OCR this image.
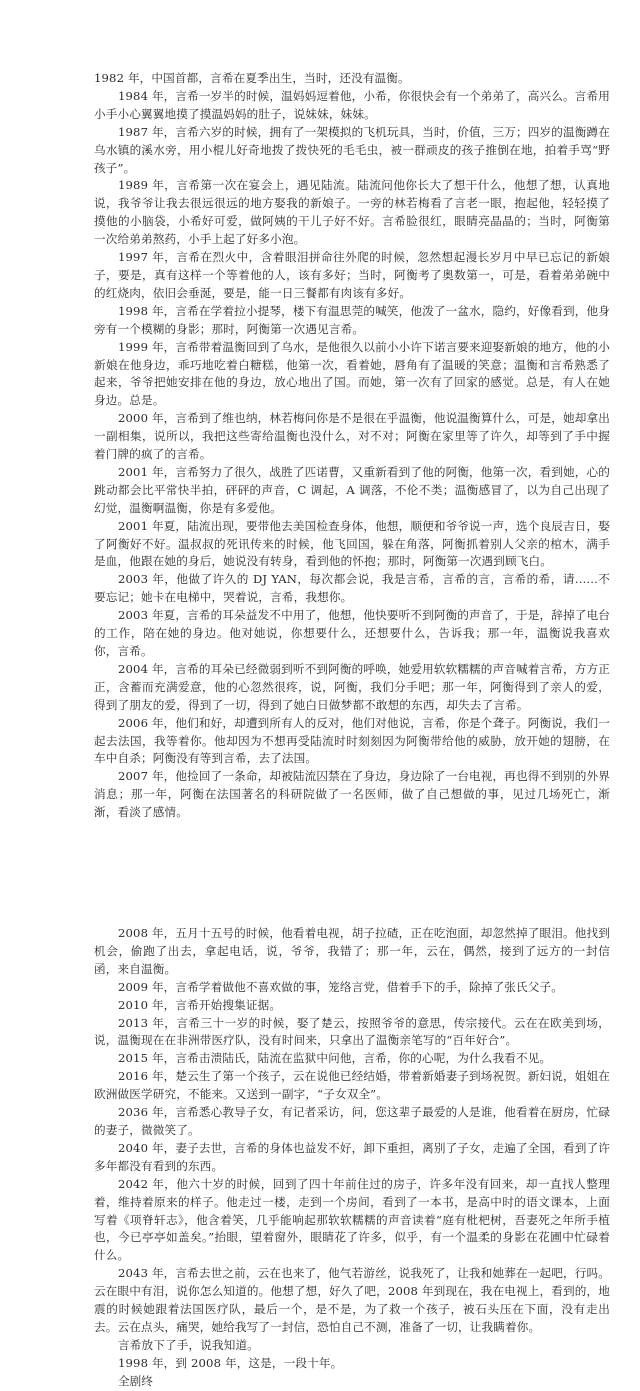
1982 年，中国首都，言希在夏季出生，当时，还没有温衡。

1984 年，言希一岁半的时候，温妈妈逗着他，小希，你很快会有一个弟弟了，高兴么。言希用小手小心翼翼地摸了摸温妈妈的肚子，说妹妹，妹妹。

1987 年，言希六岁的时候，拥有了一架模拟的飞机玩具，当时，价值，三万；四岁的温衡蹲在乌水镇的溪水旁，用小棍儿好奇地拨了拨快死的毛毛虫，被一群顽皮的孩子推倒在地，拍着手骂“野孩子”。

1989 年，言希第一次在宴会上，遇见陆流。陆流问他你长大了想干什么，他想了想，认真地说，我爷爷让我去很远很远的地方娶我的新娘子。一旁的林若梅看了言老一眼，抱起他，轻轻摸了摸他的小脑袋，小希好可爱，做阿姨的干儿子好不好。言希脸很红，眼睛亮晶晶的；当时，阿衡第一次给弟弟熬药，小手上起了好多小泡。

1997 年，言希在烈火中，含着眼泪拼命往外爬的时候，忽然想起漫长岁月中早已忘记的新娘子，要是，真有这样一个等着他的人，该有多好；当时，阿衡考了奥数第一，可是，看着弟弟碗中的红烧肉，依旧会垂涎，要是，能一日三餐都有肉该有多好。

1998 年，言希在学着拉小提琴，楼下有温思莞的喊笑，他泼了一盆水，隐约，好像看到，他身旁有一个模糊的身影；那时，阿衡第一次遇见言希。

1999 年，言希带着温衡回到了乌水，是他很久以前小小许下诺言要来迎娶新娘的地方，他的小新娘在他身边，乖巧地吃着白糖糕，他第一次，看着她，唇角有了温暖的笑意；温衡和言希熟悉了起来，爷爷把她安排在他的身边，放心地出了国。而她，第一次有了回家的感觉。总是，有人在她身边。总是。

2000 年，言希到了维也纳，林若梅问你是不是很在乎温衡，他说温衡算什么，可是，她却拿出一副相集，说所以，我把这些寄给温衡也没什么，对不对；阿衡在家里等了许久，却等到了手中握着门牌的疯了的言希。

2001 年，言希努力了很久，战胜了匹诺曹，又重新看到了他的阿衡，他第一次，看到她，心的跳动都会比平常快半拍，砰砰的声音，C 调起，A 调落，不伦不类；温衡感冒了，以为自己出现了幻觉，温衡啊温衡，你是有多爱他。

2001 年夏，陆流出现，要带他去美国检查身体，他想，顺便和爷爷说一声，选个良辰吉日，娶了阿衡好不好。温叔叔的死讯传来的时候，他飞回国，躲在角落，阿衡抓着别人父亲的棺木，满手是血，他跟在她的身后，她说没有转身，看到他的怀抱；那时，阿衡第一次遇到顾飞白。

2003 年，他做了许久的 DJ YAN，每次都会说，我是言希，言希的言，言希的希，请......不要忘记；她卡在电梯中，哭着说，言希，我想你。

2003 年夏，言希的耳朵益发不中用了，他想，他快要听不到阿衡的声音了，于是，辞掉了电台的工作，陪在她的身边。他对她说，你想要什么，还想要什么，告诉我；那一年，温衡说我喜欢你，言希。

2004 年，言希的耳朵已经微弱到听不到阿衡的呼唤，她爱用软软糯糯的声音喊着言希，方方正正，含蓄而充满爱意，他的心忽然很疼，说，阿衡，我们分手吧；那一年，阿衡得到了亲人的爱，得到了朋友的爱，得到了一切，得到了她白日做梦都不敢想的东西，却失去了言希。

2006 年，他们和好，却遭到所有人的反对，他们对他说，言希，你是个聋子。阿衡说，我们一起去法国，我等着你。他却因为不想再受陆流时时刻刻因为阿衡带给他的威胁，放开她的翅膀，在车中自杀；阿衡没有等到言希，去了法国。

2007 年，他捡回了一条命，却被陆流囚禁在了身边，身边除了一台电视，再也得不到别的外界消息；那一年，阿衡在法国著名的科研院做了一名医师，做了自己想做的事，见过几场死亡，渐渐，看淡了感情。

2008 年，五月十五号的时候，他看着电视，胡子拉碴，正在吃泡面，却忽然掉了眼泪。他找到机会，偷跑了出去，拿起电话，说，爷爷，我错了；那一年，云在，偶然，接到了远方的一封信函，来自温衡。

2009 年，言希学着做他不喜欢做的事，笼络言党，借着手下的手，除掉了张氏父子。

2010 年，言希开始搜集证据。

2013 年，言希三十一岁的时候，娶了楚云，按照爷爷的意思，传宗接代。云在在欧美到场，说，温衡现在在非洲带医疗队，没有时间来，只拿出了温衡亲笔写的“百年好合”。

2015 年，言希击溃陆氏，陆流在监狱中问他，言希，你的心呢，为什么我看不见。

2016 年，楚云生了第一个孩子，云在说他已经结婚，带着新婚妻子到场祝贺。新妇说，姐姐在欧洲做医学研究，不能来。又送到一副字，“子女双全”。

2036 年，言希悉心教导子女，有记者采访，问，您这辈子最爱的人是谁，他看着在厨房，忙碌的妻子，微微笑了。

2040 年，妻子去世，言希的身体也益发不好，卸下重担，离别了子女，走遍了全国，看到了许多年都没有看到的东西。

2042 年，他六十岁的时候，回到了四十年前住过的房子，许多年没有回来，却一直找人整理着，维持着原来的样子。他走过一楼，走到一个房间，看到了一本书，是高中时的语文课本，上面写着《项脊轩志》，他含着笑，几乎能响起那软软糯糯的声音读着“庭有枇杷树，吾妻死之年所手植也，今已亭亭如盖矣。”抬眼，望着窗外，眼睛花了许多，似乎，有一个温柔的身影在花圃中忙碌着什么。

2043 年，言希去世之前，云在也来了，他气若游丝，说我死了，让我和她葬在一起吧，行吗。云在眼中有泪，说你怎么知道的。他想了想，好久了吧，2008 年到现在，我在电视上，看到的，地震的时候她跟着法国医疗队，最后一个，是不是，为了救一个孩子，被石头压在下面，没有走出去。云在点头，痛哭，她给我写了一封信，恐怕自己不测，准备了一切，让我瞒着你。

言希放下了手，说我知道。

1998 年，到 2008 年，这是，一段十年。

全剧终
